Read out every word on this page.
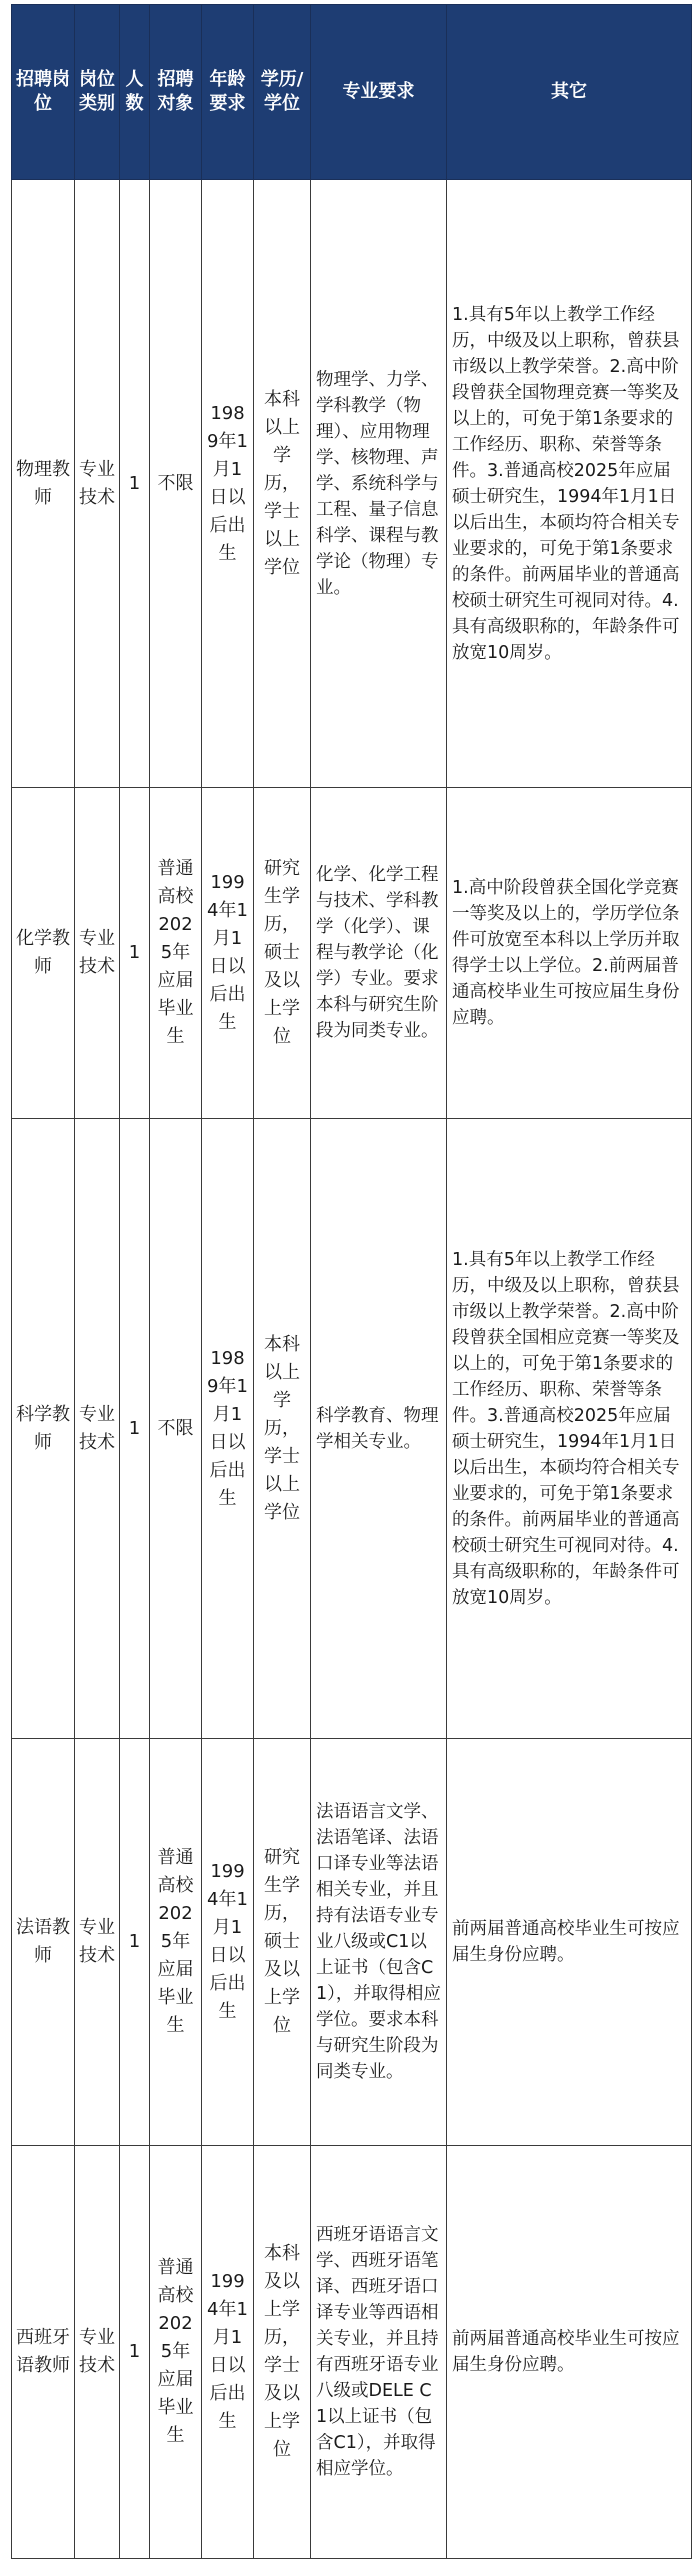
招聘岗位	岗位类别	人数	招聘对象	年龄要求	学历/学位	专业要求	其它
物理教师	专业技术	1	不限	1989年1月1日以后出生	本科以上学历，学士以上学位	物理学、力学、学科教学（物理）、应用物理学、核物理、声学、系统科学与工程、量子信息科学、课程与教学论（物理）专业。	1.具有5年以上教学工作经历，中级及以上职称，曾获县市级以上教学荣誉。2.高中阶段曾获全国物理竞赛一等奖及以上的，可免于第1条要求的工作经历、职称、荣誉等条件。3.普通高校2025年应届硕士研究生，1994年1月1日以后出生，本硕均符合相关专业要求的，可免于第1条要求的条件。前两届毕业的普通高校硕士研究生可视同对待。4.具有高级职称的，年龄条件可放宽10周岁。
化学教师	专业技术	1	普通高校2025年应届毕业生	1994年1月1日以后出生	研究生学历，硕士及以上学位	化学、化学工程与技术、学科教学（化学）、课程与教学论（化学）专业。要求本科与研究生阶段为同类专业。	1.高中阶段曾获全国化学竞赛一等奖及以上的，学历学位条件可放宽至本科以上学历并取得学士以上学位。2.前两届普通高校毕业生可按应届生身份应聘。
科学教师	专业技术	1	不限	1989年1月1日以后出生	本科以上学历，学士以上学位	科学教育、物理学相关专业。	1.具有5年以上教学工作经历，中级及以上职称，曾获县市级以上教学荣誉。2.高中阶段曾获全国相应竞赛一等奖及以上的，可免于第1条要求的工作经历、职称、荣誉等条件。3.普通高校2025年应届硕士研究生，1994年1月1日以后出生，本硕均符合相关专业要求的，可免于第1条要求的条件。前两届毕业的普通高校硕士研究生可视同对待。4.具有高级职称的，年龄条件可放宽10周岁。
法语教师	专业技术	1	普通高校2025年应届毕业生	1994年1月1日以后出生	研究生学历，硕士及以上学位	法语语言文学、法语笔译、法语口译专业等法语相关专业，并且持有法语专业专业八级或C1以上证书（包含C1），并取得相应学位。要求本科与研究生阶段为同类专业。	前两届普通高校毕业生可按应届生身份应聘。
西班牙语教师	专业技术	1	普通高校2025年应届毕业生	1994年1月1日以后出生	本科及以上学历，学士及以上学位	西班牙语语言文学、西班牙语笔译、西班牙语口译专业等西语相关专业，并且持有西班牙语专业八级或DELE C1以上证书（包含C1），并取得相应学位。	前两届普通高校毕业生可按应届生身份应聘。
